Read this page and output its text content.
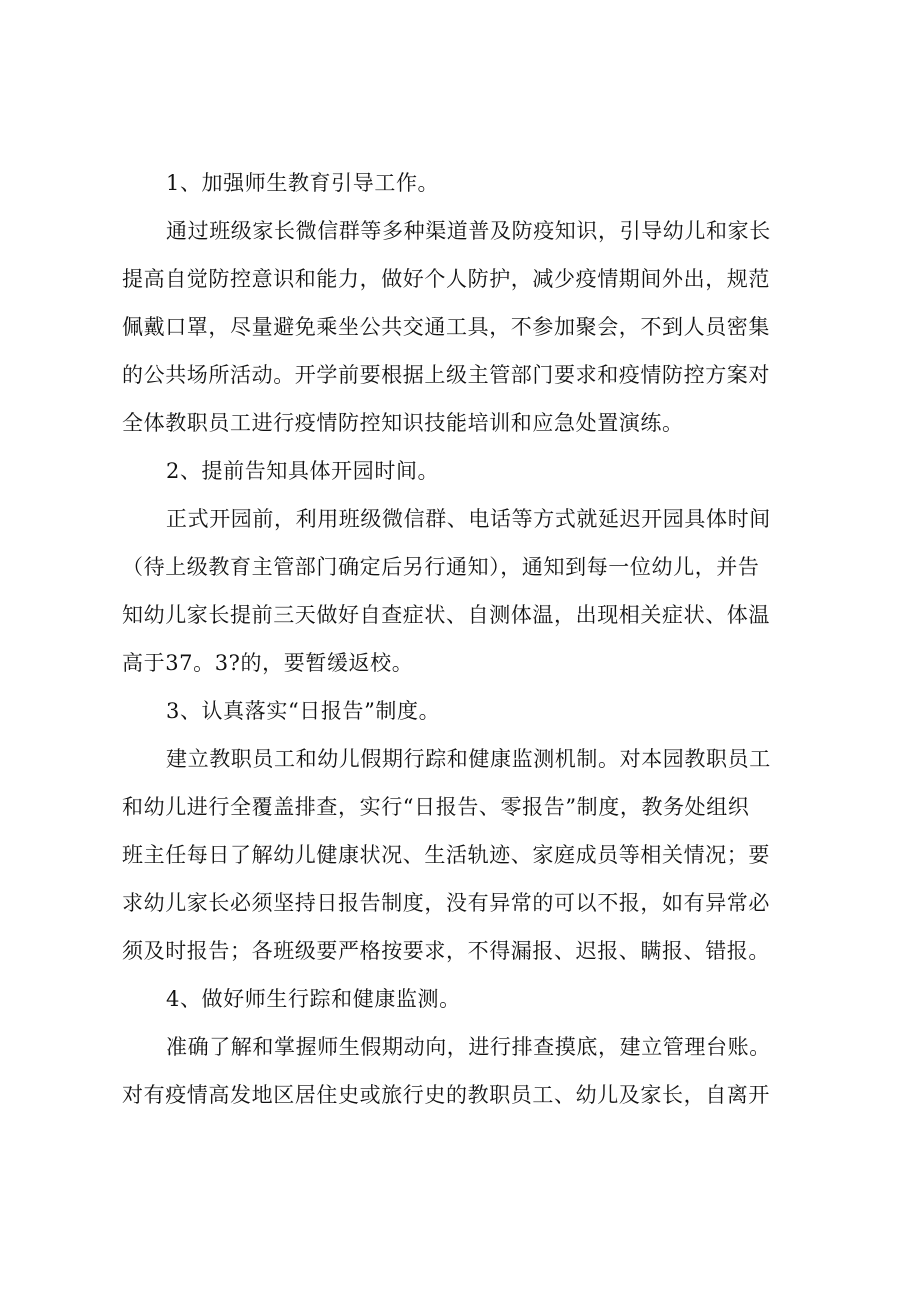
1、加强师生教育引导工作。

通过班级家长微信群等多种渠道普及防疫知识，引导幼儿和家长

提高自觉防控意识和能力，做好个人防护，减少疫情期间外出，规范

佩戴口罩，尽量避免乘坐公共交通工具，不参加聚会，不到人员密集

的公共场所活动。开学前要根据上级主管部门要求和疫情防控方案对

全体教职员工进行疫情防控知识技能培训和应急处置演练。

2、提前告知具体开园时间。

正式开园前，利用班级微信群、电话等方式就延迟开园具体时间

（待上级教育主管部门确定后另行通知），通知到每一位幼儿，并告

知幼儿家长提前三天做好自查症状、自测体温，出现相关症状、体温

高于37。3?的，要暂缓返校。

3、认真落实“日报告”制度。

建立教职员工和幼儿假期行踪和健康监测机制。对本园教职员工

和幼儿进行全覆盖排查，实行“日报告、零报告”制度，教务处组织

班主任每日了解幼儿健康状况、生活轨迹、家庭成员等相关情况；要

求幼儿家长必须坚持日报告制度，没有异常的可以不报，如有异常必

须及时报告；各班级要严格按要求，不得漏报、迟报、瞒报、错报。

4、做好师生行踪和健康监测。

准确了解和掌握师生假期动向，进行排查摸底，建立管理台账。

对有疫情高发地区居住史或旅行史的教职员工、幼儿及家长，自离开
